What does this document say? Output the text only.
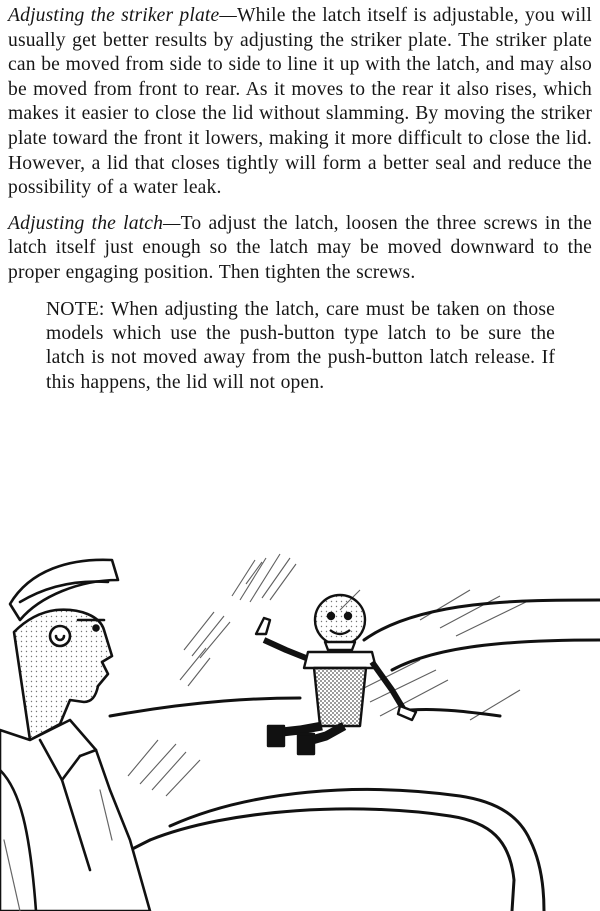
Adjusting the striker plate—While the latch itself is adjustable, you will usually get better results by adjusting the striker plate. The striker plate can be moved from side to side to line it up with the latch, and may also be moved from front to rear. As it moves to the rear it also rises, which makes it easier to close the lid without slamming. By moving the striker plate toward the front it lowers, making it more difficult to close the lid. However, a lid that closes tightly will form a better seal and reduce the possibility of a water leak.

Adjusting the latch—To adjust the latch, loosen the three screws in the latch itself just enough so the latch may be moved downward to the proper engaging position. Then tighten the screws.

NOTE: When adjusting the latch, care must be taken on those models which use the push-button type latch to be sure the latch is not moved away from the push-button latch release. If this happens, the lid will not open.
